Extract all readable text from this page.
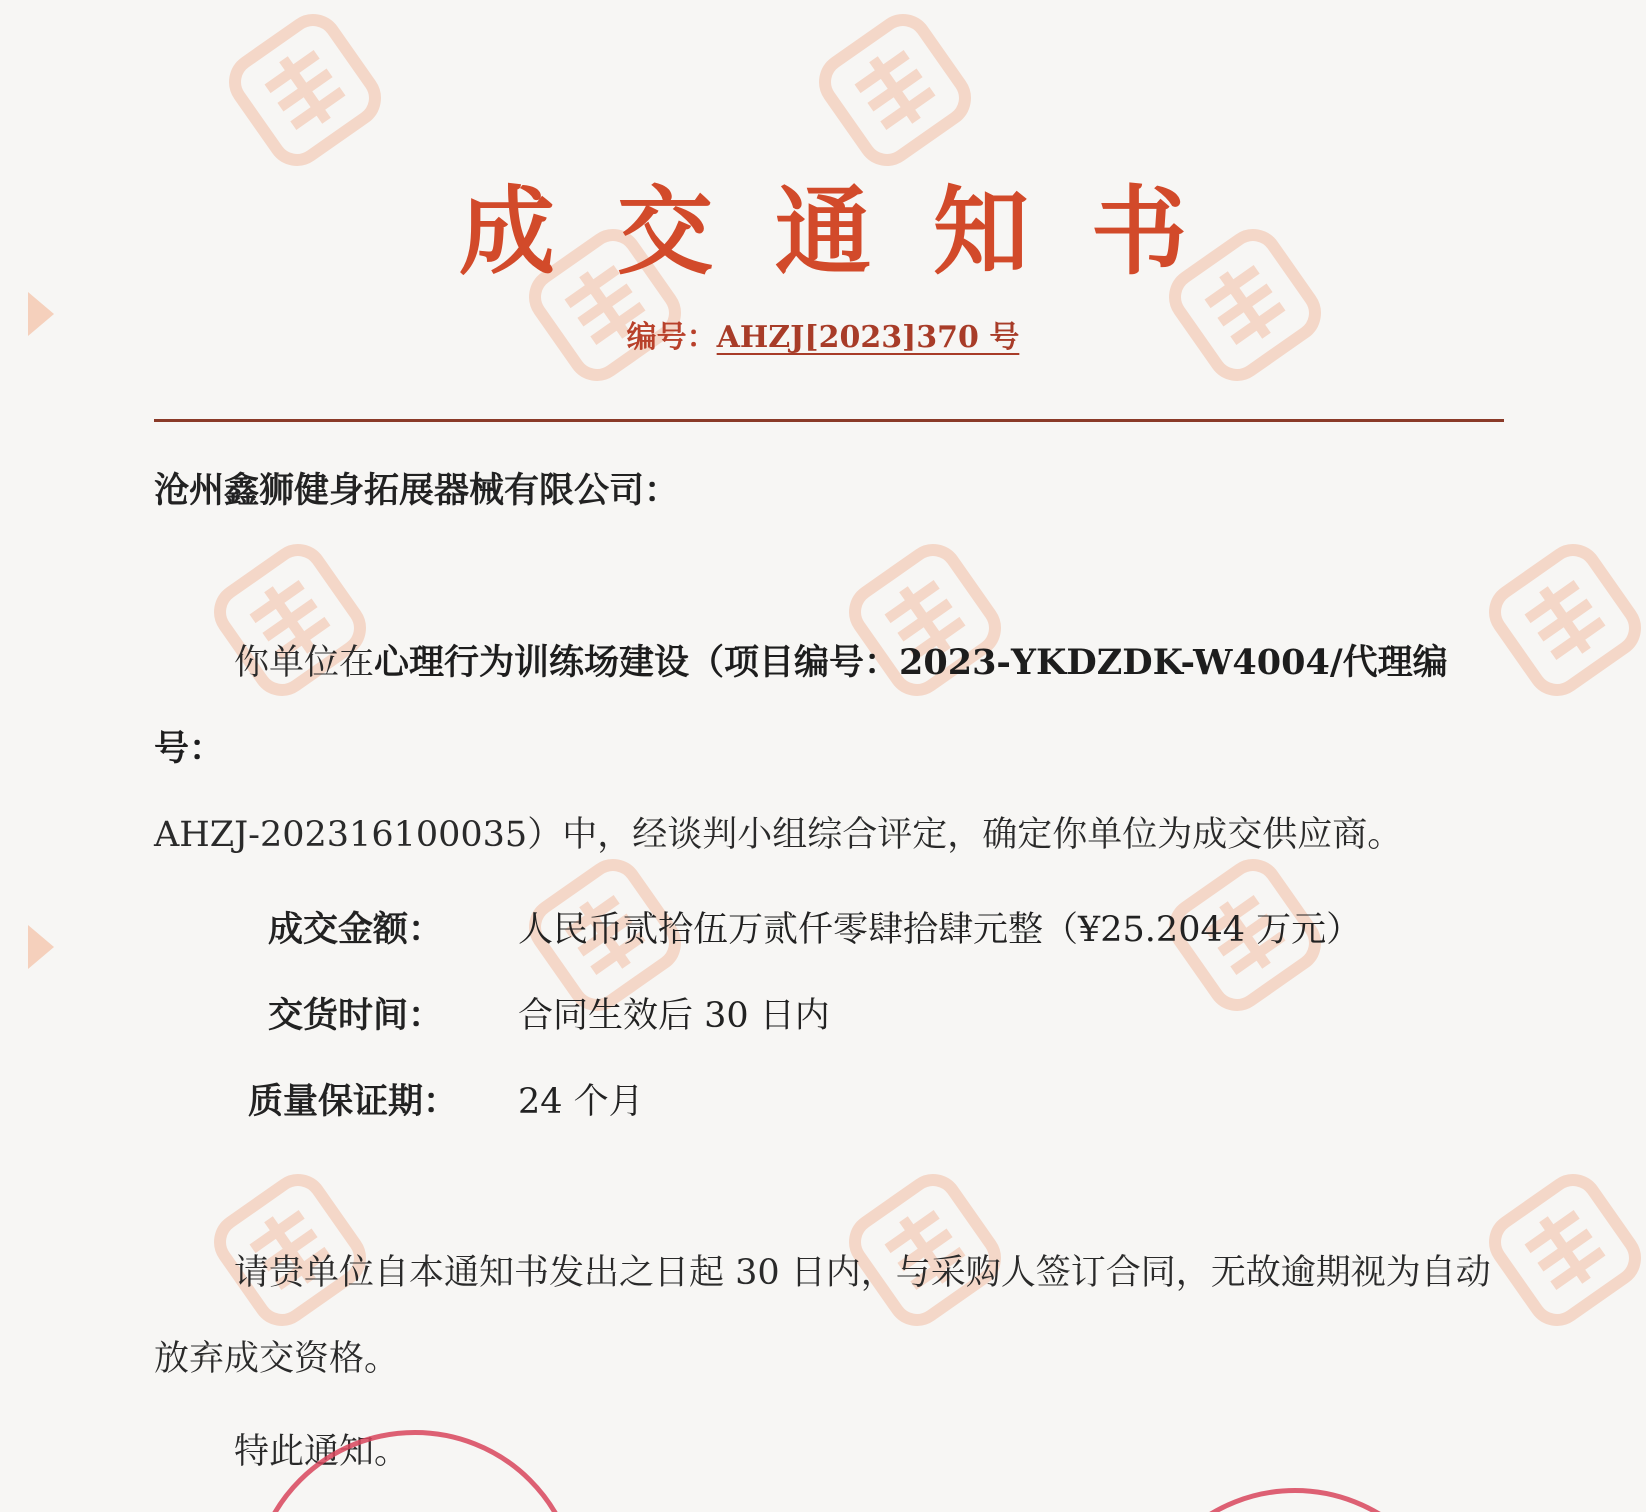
成交通知书
编号：AHZJ[2023]370 号
沧州鑫狮健身拓展器械有限公司：
你单位在心理行为训练场建设（项目编号：2023-YKDZDK-W4004/代理编号：
AHZJ-202316100035）中，经谈判小组综合评定，确定你单位为成交供应商。
成交金额： 人民币贰拾伍万贰仟零肆拾肆元整（¥25.2044 万元）
交货时间： 合同生效后 30 日内
质量保证期： 24 个月
请贵单位自本通知书发出之日起 30 日内，与采购人签订合同，无故逾期视为自动放弃成交资格。
特此通知。
